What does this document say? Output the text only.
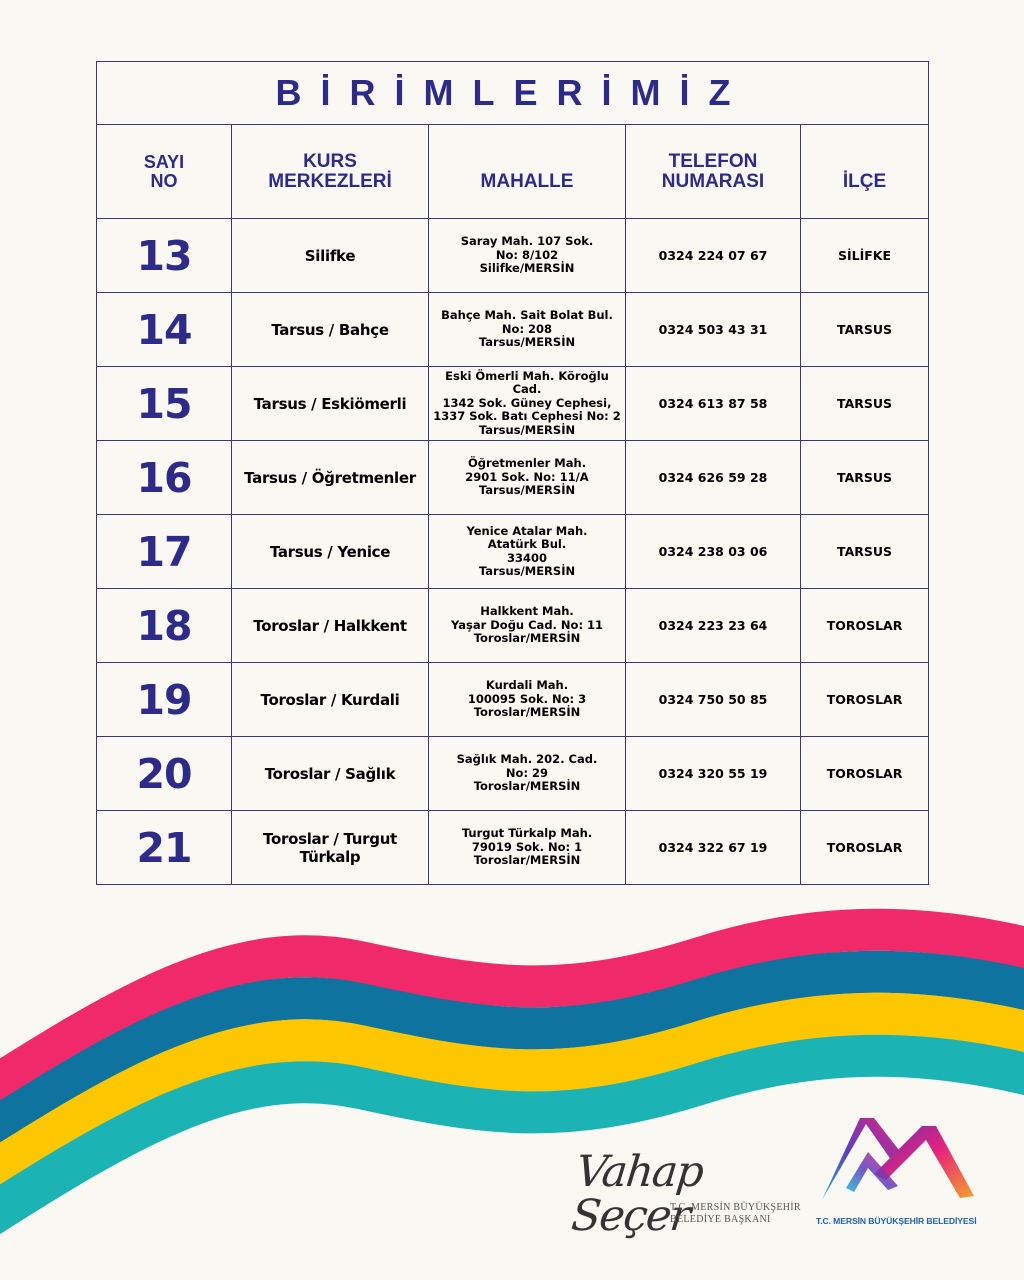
BİRİMLERİMİZ				
SAYI
NO	KURS
MERKEZLERİ	MAHALLE	TELEFON
NUMARASI	İLÇE
13	Silifke	Saray Mah. 107 Sok.
No: 8/102
Silifke/MERSİN	0324 224 07 67	SİLİFKE
14	Tarsus / Bahçe	Bahçe Mah. Sait Bolat Bul.
No: 208
Tarsus/MERSİN	0324 503 43 31	TARSUS
15	Tarsus / Eskiömerli	Eski Ömerli Mah. Köroğlu Cad.
1342 Sok. Güney Cephesi,
1337 Sok. Batı Cephesi No: 2
Tarsus/MERSİN	0324 613 87 58	TARSUS
16	Tarsus / Öğretmenler	Öğretmenler Mah.
2901 Sok. No: 11/A
Tarsus/MERSİN	0324 626 59 28	TARSUS
17	Tarsus / Yenice	Yenice Atalar Mah.
Atatürk Bul.
33400
Tarsus/MERSİN	0324 238 03 06	TARSUS
18	Toroslar / Halkkent	Halkkent Mah.
Yaşar Doğu Cad. No: 11
Toroslar/MERSİN	0324 223 23 64	TOROSLAR
19	Toroslar / Kurdali	Kurdali Mah.
100095 Sok. No: 3
Toroslar/MERSİN	0324 750 50 85	TOROSLAR
20	Toroslar / Sağlık	Sağlık Mah. 202. Cad.
No: 29
Toroslar/MERSİN	0324 320 55 19	TOROSLAR
21	Toroslar / Turgut Türkalp	Turgut Türkalp Mah.
79019 Sok. No: 1
Toroslar/MERSİN	0324 322 67 19	TOROSLAR
Vahap Seçer
T.C. MERSİN BÜYÜKŞEHİR
BELEDİYE BAŞKANI	T.C. MERSİN BÜYÜKŞEHİR BELEDİYESİ
